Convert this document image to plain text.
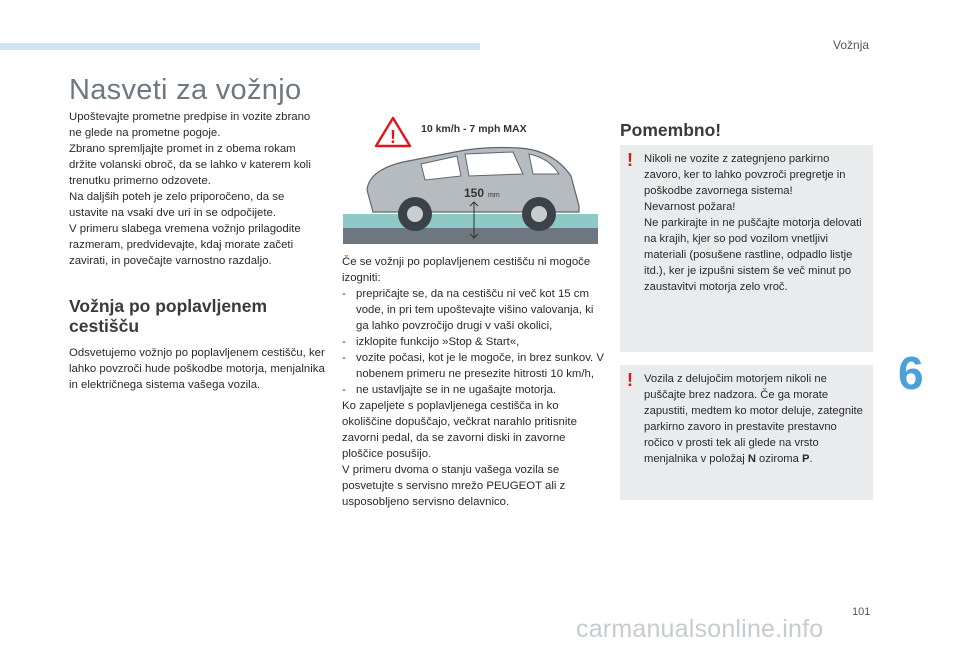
Vožnja
Nasveti za vožnjo

Upoštevajte prometne predpise in vozite zbrano ne glede na prometne pogoje.

Zbrano spremljajte promet in z obema rokam držite volanski obroč, da se lahko v katerem koli trenutku primerno odzovete.

Na daljših poteh je zelo priporočeno, da se ustavite na vsaki dve uri in se odpočijete.

V primeru slabega vremena vožnjo prilagodite razmeram, predvidevajte, kdaj morate začeti zavirati, in povečajte varnostno razdaljo.

Vožnja po poplavljenem cestišču

Odsvetujemo vožnjo po poplavljenem cestišču, ker lahko povzroči hude poškodbe motorja, menjalnika in električnega sistema vašega vozila.

! 10 km/h - 7 mph MAX
150 mm

Če se vožnji po poplavljenem cestišču ni mogoče izogniti:

- prepričajte se, da na cestišču ni več kot 15 cm vode, in pri tem upoštevajte višino valovanja, ki ga lahko povzročijo drugi v vaši okolici,
- izklopite funkcijo »Stop & Start«,
- vozite počasi, kot je le mogoče, in brez sunkov. V nobenem primeru ne presezite hitrosti 10 km/h,
- ne ustavljajte se in ne ugašajte motorja.

Ko zapeljete s poplavljenega cestišča in ko okoliščine dopuščajo, večkrat narahlo pritisnite zavorni pedal, da se zavorni diski in zavorne ploščice posušijo.

V primeru dvoma o stanju vašega vozila se posvetujte s servisno mrežo PEUGEOT ali z usposobljeno servisno delavnico.

Pomembno!
! Nikoli ne vozite z zategnjeno parkirno zavoro, ker to lahko povzroči pregretje in poškodbe zavornega sistema!

Nevarnost požara!

Ne parkirajte in ne puščajte motorja delovati na krajih, kjer so pod vozilom vnetljivi materiali (posušene rastline, odpadlo listje itd.), ker je izpušni sistem še več minut po zaustavitvi motorja zelo vroč.

! Vozila z delujočim motorjem nikoli ne puščajte brez nadzora. Če ga morate zapustiti, medtem ko motor deluje, zategnite parkirno zavoro in prestavite prestavno ročico v prosti tek ali glede na vrsto menjalnika v položaj N oziroma P.

6
101
carmanualsonline.info
